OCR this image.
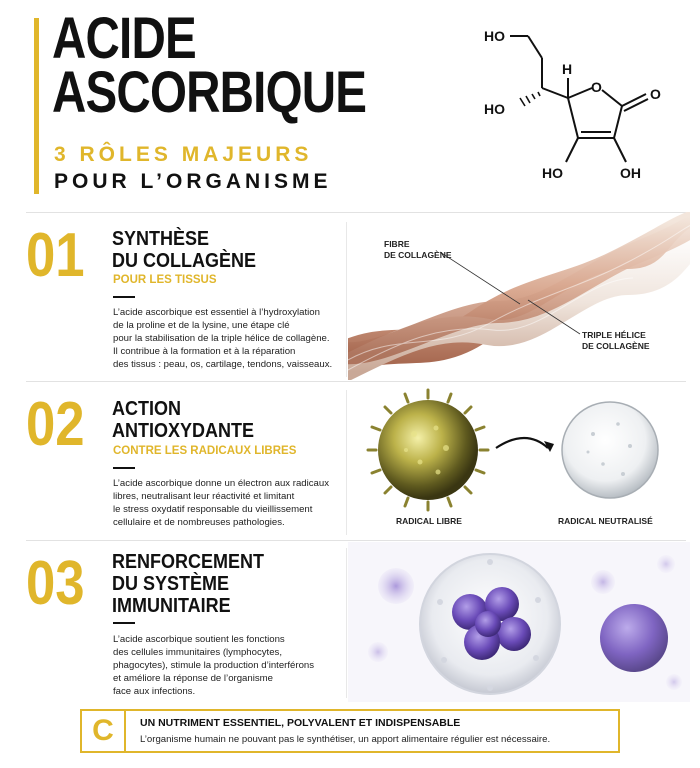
ACIDE
ASCORBIQUE
3 RÔLES MAJEURS
POUR L’ORGANISME
HO
HO
H
O	O
HO	OH
01 SYNTHÈSE
DU COLLAGÈNE
POUR LES TISSUS
L’acide ascorbique est essentiel à l’hydroxylation
de la proline et de la lysine, une étape clé
pour la stabilisation de la triple hélice de collagène.
Il contribue à la formation et à la réparation
des tissus : peau, os, cartilage, tendons, vaisseaux.
FIBRE
DE COLLAGÈNE
TRIPLE HÉLICE
DE COLLAGÈNE
02 ACTION
ANTIOXYDANTE
CONTRE LES RADICAUX LIBRES
L’acide ascorbique donne un électron aux radicaux
libres, neutralisant leur réactivité et limitant
le stress oxydatif responsable du vieillissement
cellulaire et de nombreuses pathologies.	RADICAL LIBRE	RADICAL NEUTRALISÉ
03 RENFORCEMENT
DU SYSTÈME
IMMUNITAIRE
L’acide ascorbique soutient les fonctions
des cellules immunitaires (lymphocytes,
phagocytes), stimule la production d’interférons
et améliore la réponse de l’organisme
face aux infections.
C	UN NUTRIMENT ESSENTIEL, POLYVALENT ET INDISPENSABLE
L’organisme humain ne pouvant pas le synthétiser, un apport alimentaire régulier est nécessaire.
